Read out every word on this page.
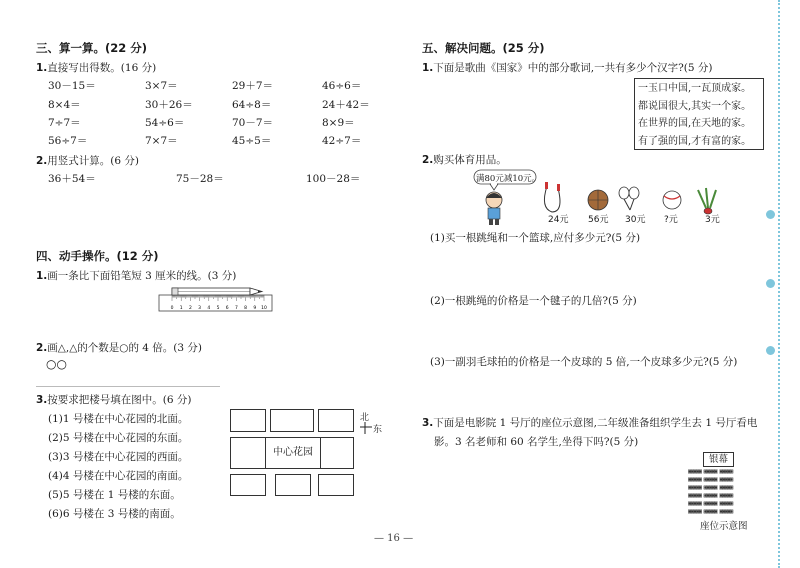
三、算一算。(22 分)
1.直接写出得数。(16 分)
30－15＝	3×7＝	29＋7＝	46÷6＝
8×4＝	30＋26＝	64÷8＝	24＋42＝
7÷7＝	54÷6＝	70－7＝	8×9＝
56÷7＝	7×7＝	45÷5＝	42÷7＝
2.用竖式计算。(6 分)
36＋54＝	75－28＝	100－28＝
四、动手操作。(12 分)
1.画一条比下面铅笔短 3 厘米的线。(3 分)
0 1 2 3 4 5 6 7 8 9 10
2.画△,△的个数是○的 4 倍。(3 分)
○○
3.按要求把楼号填在图中。(6 分)
(1)1 号楼在中心花园的北面。
(2)5 号楼在中心花园的东面。
(3)3 号楼在中心花园的西面。
(4)4 号楼在中心花园的南面。
(5)5 号楼在 1 号楼的东面。
(6)6 号楼在 3 号楼的南面。
中心花园
北
东
— 16 —
五、解决问题。(25 分)
1.下面是歌曲《国家》中的部分歌词,一共有多少个汉字?(5 分)
一玉口中国,一瓦顶成家。
都说国很大,其实一个家。
在世界的国,在天地的家。
有了强的国,才有富的家。
2.购买体育用品。
满80元减10元。
24元 56元 30元 ?元	3元
(1)买一根跳绳和一个篮球,应付多少元?(5 分)
(2)一根跳绳的价格是一个毽子的几倍?(5 分)
(3)一副羽毛球拍的价格是一个皮球的 5 倍,一个皮球多少元?(5 分)
3.下面是电影院 1 号厅的座位示意图,二年级准备组织学生去 1 号厅看电
影。3 名老师和 60 名学生,坐得下吗?(5 分)
银幕
▣▣▣▣▣ ▣▣▣▣▣ ▣▣▣▣▣
▣▣▣▣▣ ▣▣▣▣▣ ▣▣▣▣▣
▣▣▣▣▣ ▣▣▣▣▣ ▣▣▣▣▣
▣▣▣▣▣ ▣▣▣▣▣ ▣▣▣▣▣
▣▣▣▣▣ ▣▣▣▣▣ ▣▣▣▣▣
▣▣▣▣▣ ▣▣▣▣▣ ▣▣▣▣▣
座位示意图
